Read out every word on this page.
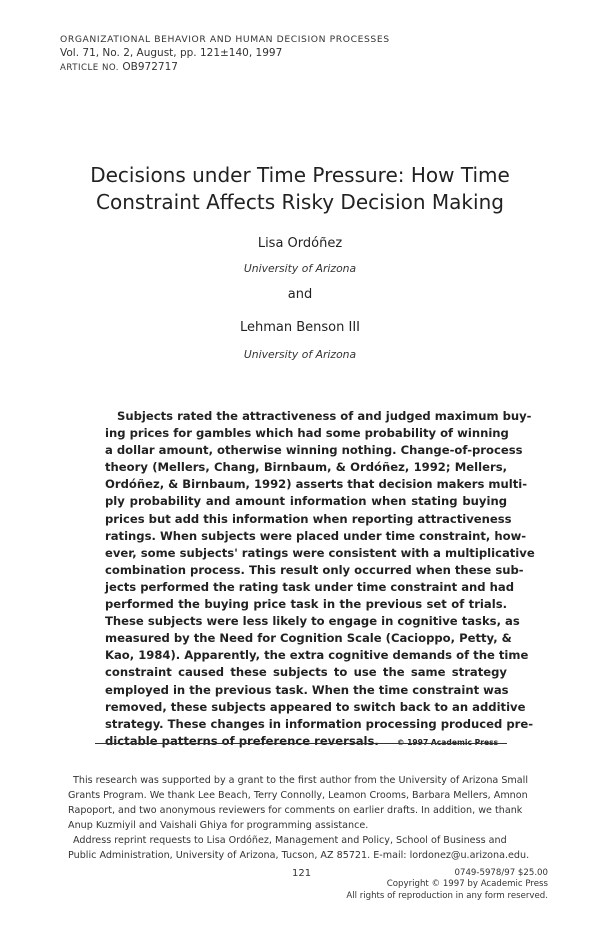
ORGANIZATIONAL BEHAVIOR AND HUMAN DECISION PROCESSES
Vol. 71, No. 2, August, pp. 121±140, 1997
ARTICLE NO. OB972717
Decisions under Time Pressure: How Time
Constraint Affects Risky Decision Making
Lisa Ordóñez
University of Arizona
and
Lehman Benson III
University of Arizona
Subjects rated the attractiveness of and judged maximum buy-
ing prices for gambles which had some probability of winning
a dollar amount, otherwise winning nothing. Change-of-process
theory (Mellers, Chang, Birnbaum, & Ordóñez, 1992; Mellers,
Ordóñez, & Birnbaum, 1992) asserts that decision makers multi-
ply probability and amount information when stating buying
prices but add this information when reporting attractiveness
ratings. When subjects were placed under time constraint, how-
ever, some subjects' ratings were consistent with a multiplicative
combination process. This result only occurred when these sub-
jects performed the rating task under time constraint and had
performed the buying price task in the previous set of trials.
These subjects were less likely to engage in cognitive tasks, as
measured by the Need for Cognition Scale (Cacioppo, Petty, &
Kao, 1984). Apparently, the extra cognitive demands of the time
constraint caused these subjects to use the same strategy
employed in the previous task. When the time constraint was
removed, these subjects appeared to switch back to an additive
strategy. These changes in information processing produced pre-
dictable patterns of preference reversals. © 1997 Academic Press
This research was supported by a grant to the first author from the University of Arizona Small
Grants Program. We thank Lee Beach, Terry Connolly, Leamon Crooms, Barbara Mellers, Amnon
Rapoport, and two anonymous reviewers for comments on earlier drafts. In addition, we thank
Anup Kuzmiyil and Vaishali Ghiya for programming assistance.
Address reprint requests to Lisa Ordóñez, Management and Policy, School of Business and
Public Administration, University of Arizona, Tucson, AZ 85721. E-mail: lordonez@u.arizona.edu.
121	0749-5978/97 $25.00
Copyright © 1997 by Academic Press
All rights of reproduction in any form reserved.
